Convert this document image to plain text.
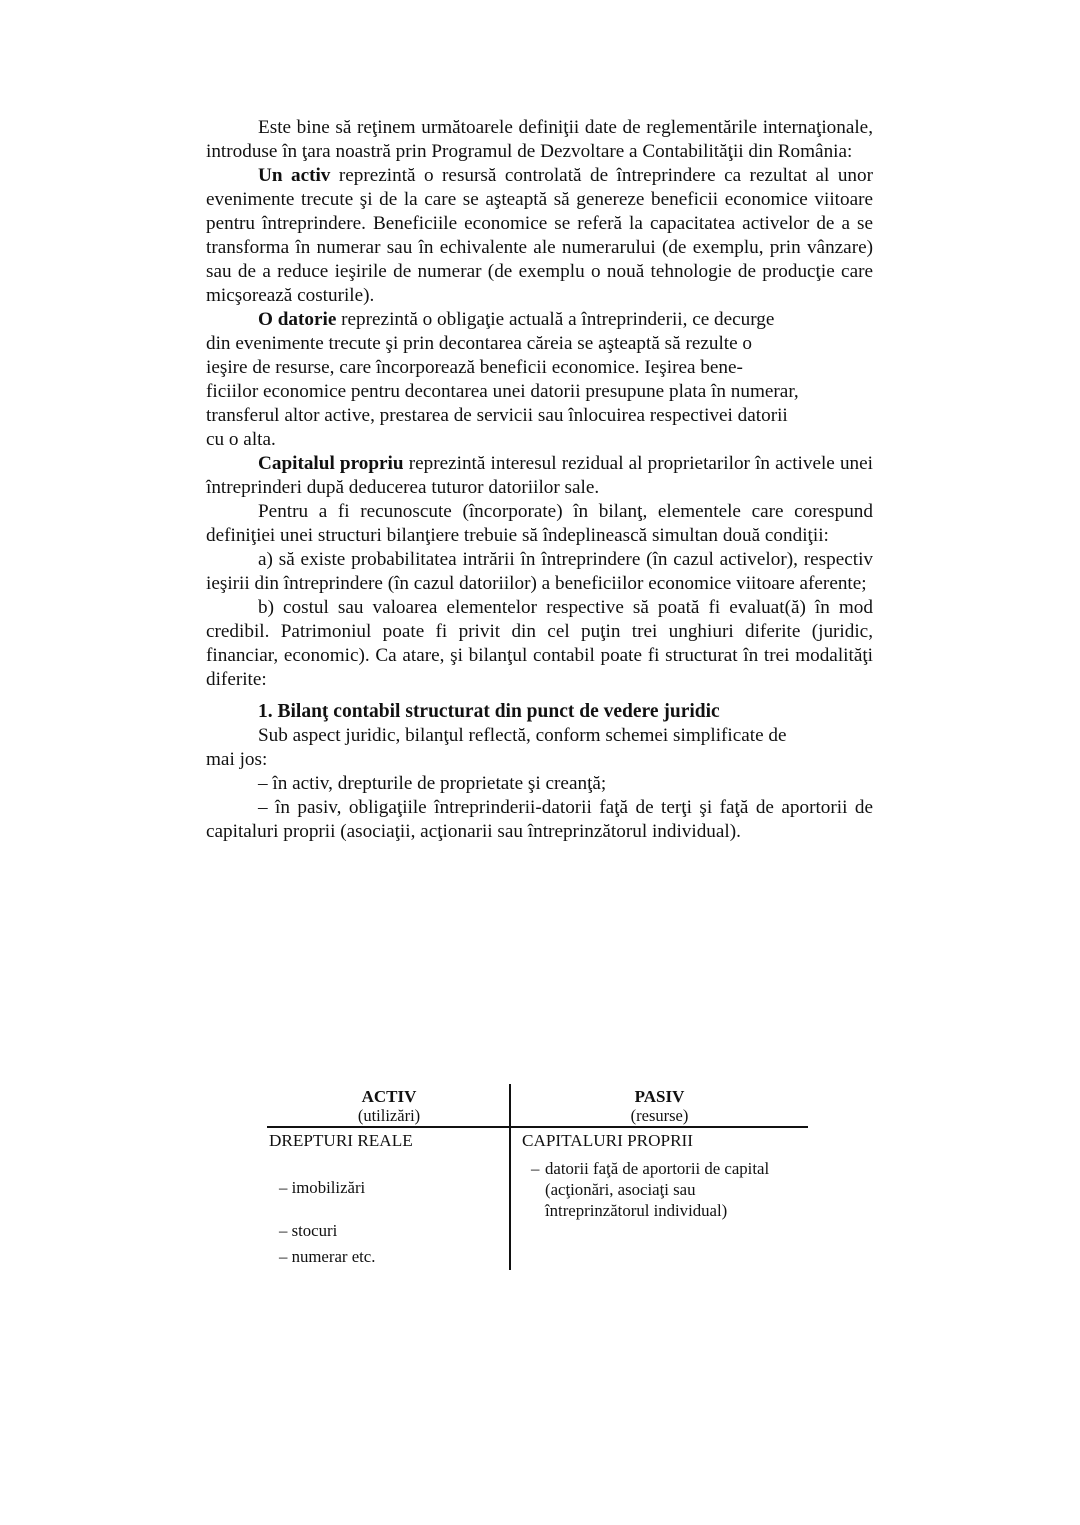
Este bine să reţinem următoarele definiţii date de reglementările internaţionale, introduse în ţara noastră prin Programul de Dezvoltare a Contabilităţii din România:

Un activ reprezintă o resursă controlată de întreprindere ca rezultat al unor evenimente trecute şi de la care se aşteaptă să genereze beneficii economice viitoare pentru întreprindere. Beneficiile economice se referă la capacitatea activelor de a se transforma în numerar sau în echivalente ale numerarului (de exemplu, prin vânzare) sau de a reduce ieşirile de numerar (de exemplu o nouă tehnologie de producţie care micşorează costurile).

O datorie reprezintă o obligaţie actuală a întreprinderii, ce decurge
din evenimente trecute şi prin decontarea căreia se aşteaptă să rezulte o
ieşire de resurse, care încorporează beneficii economice. Ieşirea bene-
ficiilor economice pentru decontarea unei datorii presupune plata în numerar,
transferul altor active, prestarea de servicii sau înlocuirea respectivei datorii
cu o alta.

Capitalul propriu reprezintă interesul rezidual al proprietarilor în activele unei întreprinderi după deducerea tuturor datoriilor sale.

Pentru a fi recunoscute (încorporate) în bilanţ, elementele care corespund definiţiei unei structuri bilanţiere trebuie să îndeplinească simultan două condiţii:

a) să existe probabilitatea intrării în întreprindere (în cazul activelor), respectiv ieşirii din întreprindere (în cazul datoriilor) a beneficiilor economice viitoare aferente;

b) costul sau valoarea elementelor respective să poată fi evaluat(ă) în mod credibil. Patrimoniul poate fi privit din cel puţin trei unghiuri diferite (juridic, financiar, economic). Ca atare, şi bilanţul contabil poate fi structurat în trei modalităţi diferite:

1. Bilanţ contabil structurat din punct de vedere juridic

Sub aspect juridic, bilanţul reflectă, conform schemei simplificate de
mai jos:

– în activ, drepturile de proprietate şi creanţă;

– în pasiv, obligaţiile întreprinderii-datorii faţă de terţi şi faţă de aportorii de capitaluri proprii (asociaţii, acţionarii sau întreprinzătorul individual).

ACTIV
(utilizări)
PASIV
(resurse)
DREPTURI REALE	CAPITALURI PROPRII
– imobilizări
– stocuri
– numerar etc.
– datorii faţă de aportorii de capital
(acţionări, asociaţi sau
întreprinzătorul individual)
